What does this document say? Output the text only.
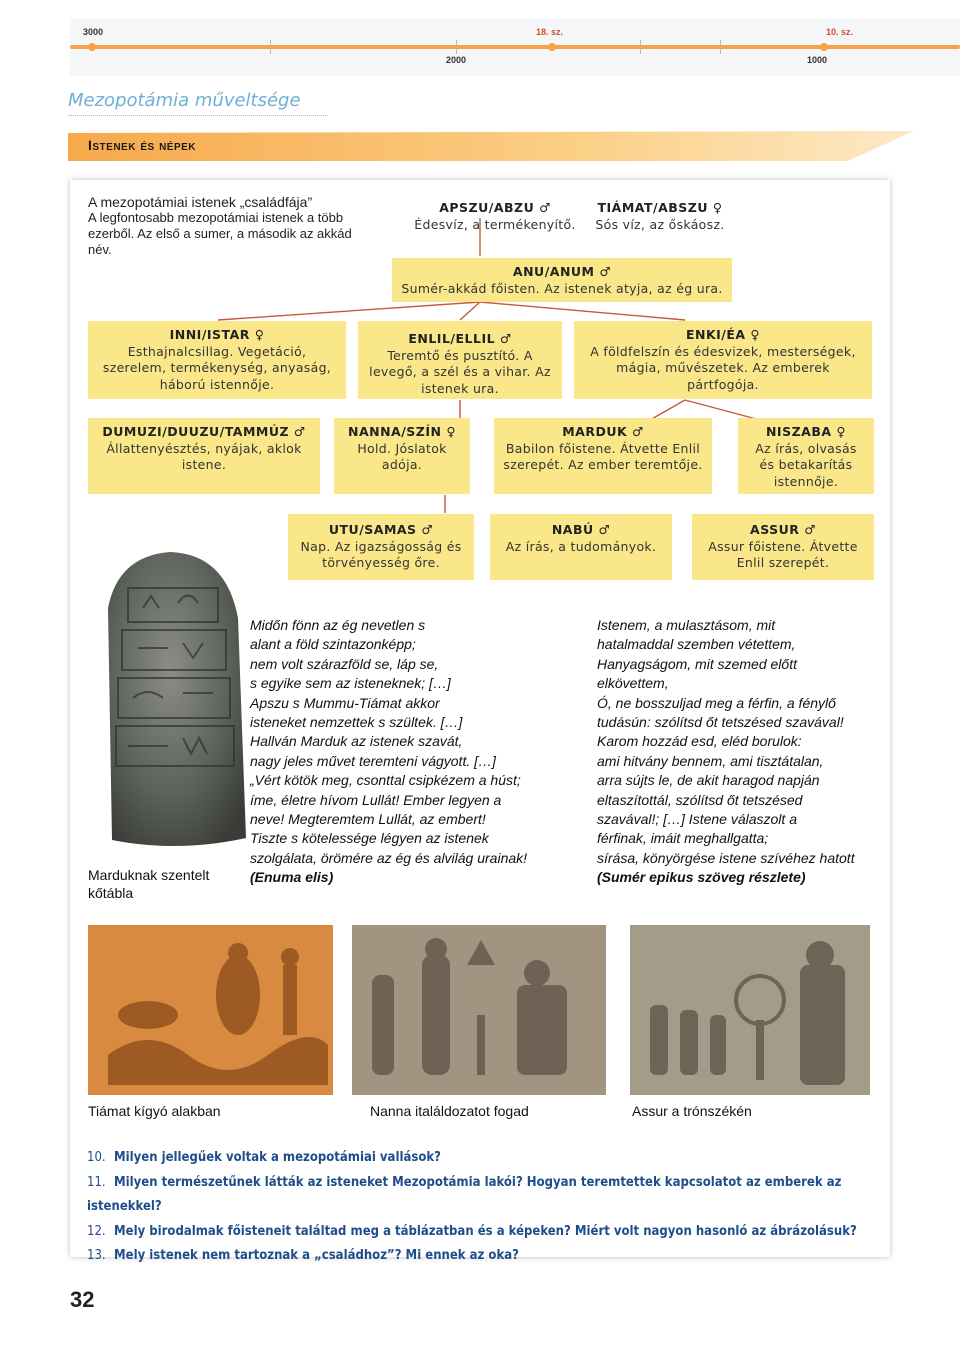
3000	18. sz.	10. sz.
2000	1000
Mezopotámia műveltsége
Istenek és népek
A mezopotámiai istenek „családfája”
A legfontosabb mezopotámiai istenek a több ezerből. Az első a sumer, a második az akkád név.
APSZU/ABZU ♂
Édesvíz, a termékenyítő.
TIÁMAT/ABSZU ♀
Sós víz, az őskáosz.
ANU/ANUM ♂
Sumér-akkád főisten. Az istenek atyja, az ég ura.
INNI/ISTAR ♀
Esthajnalcsillag. Vegetáció, szerelem, termékenység, anyaság, háború istennője.
ENLIL/ELLIL ♂
Teremtő és pusztító. A levegő, a szél és a vihar. Az istenek ura.
ENKI/ÉA ♀
A földfelszín és édesvizek, mesterségek, mágia, művészetek. Az emberek pártfogója.
DUMUZI/DUUZU/TAMMÚZ ♂
Állattenyésztés, nyájak, aklok istene.
NANNA/SZÍN ♀
Hold. Jóslatok adója.
MARDUK ♂
Babilon főistene. Átvette Enlil szerepét. Az ember teremtője.
NISZABA ♀
Az írás, olvasás és betakarítás istennője.
UTU/SAMAS ♂
Nap. Az igazságosság és törvényesség őre.
NABÚ ♂
Az írás, a tudományok.
ASSUR ♂
Assur főistene. Átvette Enlil szerepét.
Marduknak szentelt kőtábla
Midőn fönn az ég nevetlen s
alant a föld szintazonképp;
nem volt szárazföld se, láp se,
s egyike sem az isteneknek; […]
Apszu s Mummu-Tiámat akkor
isteneket nemzettek s szültek. […]
Hallván Marduk az istenek szavát,
nagy jeles művet teremteni vágyott. […]
„Vért kötök meg, csonttal csipkézem a húst;
íme, életre hívom Lullát! Ember legyen a
neve! Megteremtem Lullát, az embert!
Tiszte s kötelessége légyen az istenek
szolgálata, örömére az ég és alvilág urainak!
(Enuma elis)
Istenem, a mulasztásom, mit
hatalmaddal szemben vétettem,
Hanyagságom, mit szemed előtt
elkövettem,
Ó, ne bosszuljad meg a férfin, a fénylő
tudásún: szólítsd őt tetszésed szavával!
Karom hozzád esd, eléd borulok:
ami hitvány bennem, ami tisztátalan,
arra sújts le, de akit haragod napján
eltaszítottál, szólítsd őt tetszésed
szavával!; […] Istene válaszolt a
férfinak, imáit meghallgatta;
sírása, könyörgése istene szívéhez hatott
(Sumér epikus szöveg részlete)
Tiámat kígyó alakban	Nanna italáldozatot fogad	Assur a trónszékén
10. Milyen jellegűek voltak a mezopotámiai vallások?
11. Milyen természetűnek látták az isteneket Mezopotámia lakói? Hogyan teremtettek kapcsolatot az emberek az istenekkel?
12. Mely birodalmak főisteneit találtad meg a táblázatban és a képeken? Miért volt nagyon hasonló az ábrázolásuk?
13. Mely istenek nem tartoznak a „családhoz”? Mi ennek az oka?
32
